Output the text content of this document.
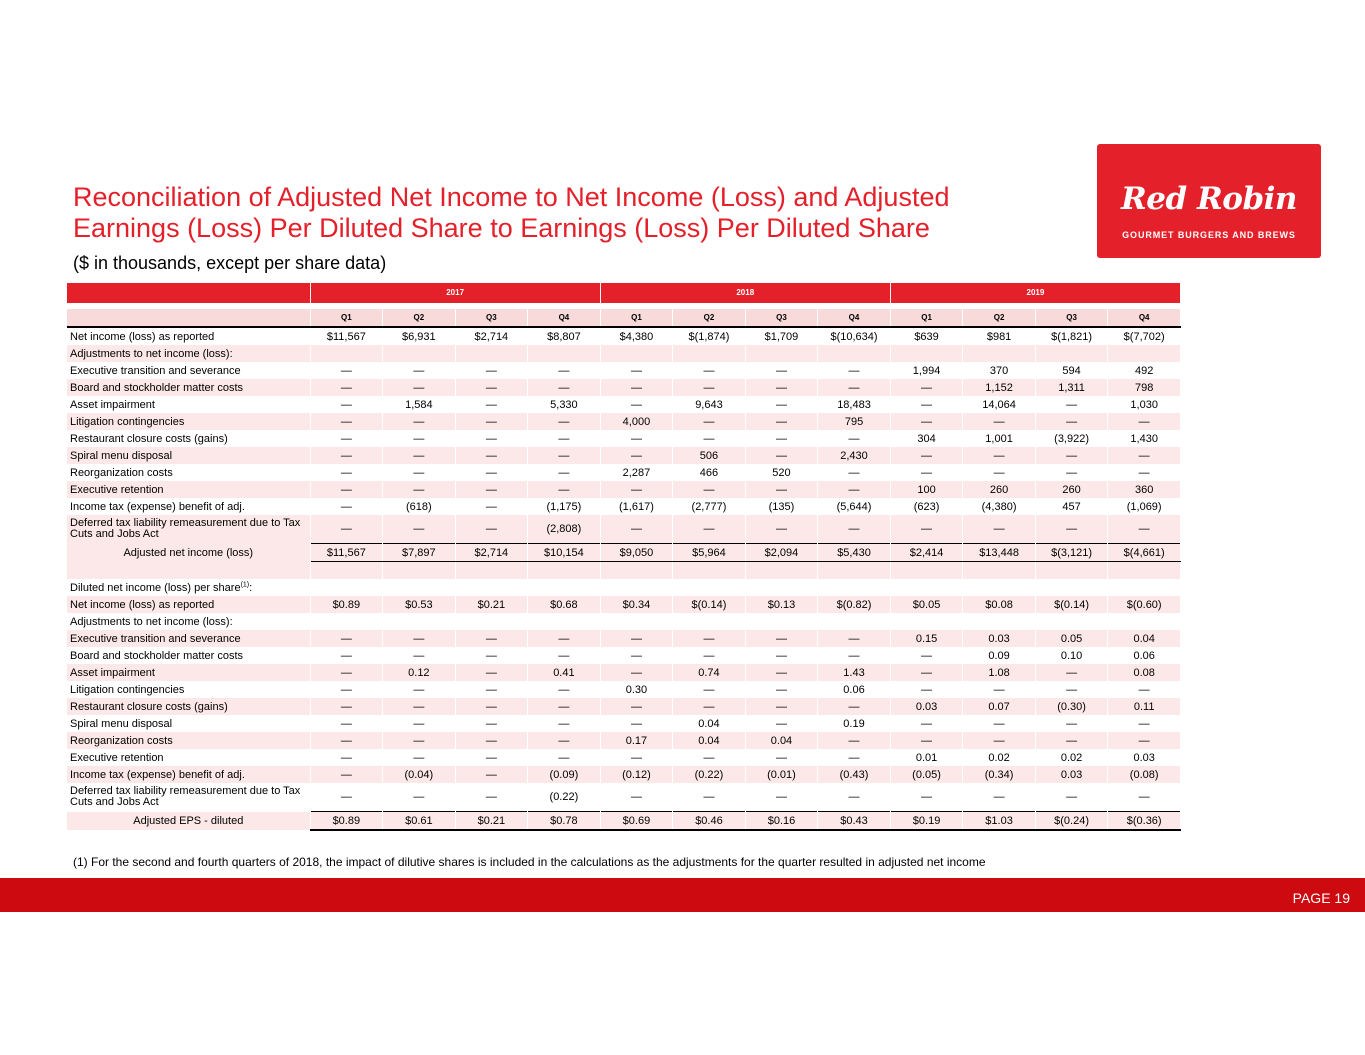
Reconciliation of Adjusted Net Income to Net Income (Loss) and Adjusted
Earnings (Loss) Per Diluted Share to Earnings (Loss) Per Diluted Share

($ in thousands, except per share data)

Red Robin
GOURMET BURGERS AND BREWS
	2017				2018				2019			

	Q1	Q2	Q3	Q4	Q1	Q2	Q3	Q4	Q1	Q2	Q3	Q4
Net income (loss) as reported	$11,567	$6,931	$2,714	$8,807	$4,380	$(1,874)	$1,709	$(10,634)	$639	$981	$(1,821)	$(7,702)
Adjustments to net income (loss):												
Executive transition and severance	—	—	—	—	—	—	—	—	1,994	370	594	492
Board and stockholder matter costs	—	—	—	—	—	—	—	—	—	1,152	1,311	798
Asset impairment	—	1,584	—	5,330	—	9,643	—	18,483	—	14,064	—	1,030
Litigation contingencies	—	—	—	—	4,000	—	—	795	—	—	—	—
Restaurant closure costs (gains)	—	—	—	—	—	—	—	—	304	1,001	(3,922)	1,430
Spiral menu disposal	—	—	—	—	—	506	—	2,430	—	—	—	—
Reorganization costs	—	—	—	—	2,287	466	520	—	—	—	—	—
Executive retention	—	—	—	—	—	—	—	—	100	260	260	360
Income tax (expense) benefit of adj.	—	(618)	—	(1,175)	(1,617)	(2,777)	(135)	(5,644)	(623)	(4,380)	457	(1,069)
Deferred tax liability remeasurement due to Tax Cuts and Jobs Act	—	—	—	(2,808)	—	—	—	—	—	—	—	—
Adjusted net income (loss)	$11,567	$7,897	$2,714	$10,154	$9,050	$5,964	$2,094	$5,430	$2,414	$13,448	$(3,121)	$(4,661)

Diluted net income (loss) per share$^{(1)}$:												
Net income (loss) as reported	$0.89	$0.53	$0.21	$0.68	$0.34	$(0.14)	$0.13	$(0.82)	$0.05	$0.08	$(0.14)	$(0.60)
Adjustments to net income (loss):												
Executive transition and severance	—	—	—	—	—	—	—	—	0.15	0.03	0.05	0.04
Board and stockholder matter costs	—	—	—	—	—	—	—	—	—	0.09	0.10	0.06
Asset impairment	—	0.12	—	0.41	—	0.74	—	1.43	—	1.08	—	0.08
Litigation contingencies	—	—	—	—	0.30	—	—	0.06	—	—	—	—
Restaurant closure costs (gains)	—	—	—	—	—	—	—	—	0.03	0.07	(0.30)	0.11
Spiral menu disposal	—	—	—	—	—	0.04	—	0.19	—	—	—	—
Reorganization costs	—	—	—	—	0.17	0.04	0.04	—	—	—	—	—
Executive retention	—	—	—	—	—	—	—	—	0.01	0.02	0.02	0.03
Income tax (expense) benefit of adj.	—	(0.04)	—	(0.09)	(0.12)	(0.22)	(0.01)	(0.43)	(0.05)	(0.34)	0.03	(0.08)
Deferred tax liability remeasurement due to Tax Cuts and Jobs Act	—	—	—	(0.22)	—	—	—	—	—	—	—	—
Adjusted EPS - diluted	$0.89	$0.61	$0.21	$0.78	$0.69	$0.46	$0.16	$0.43	$0.19	$1.03	$(0.24)	$(0.36)
(1) For the second and fourth quarters of 2018, the impact of dilutive shares is included in the calculations as the adjustments for the quarter resulted in adjusted net income
PAGE 19
